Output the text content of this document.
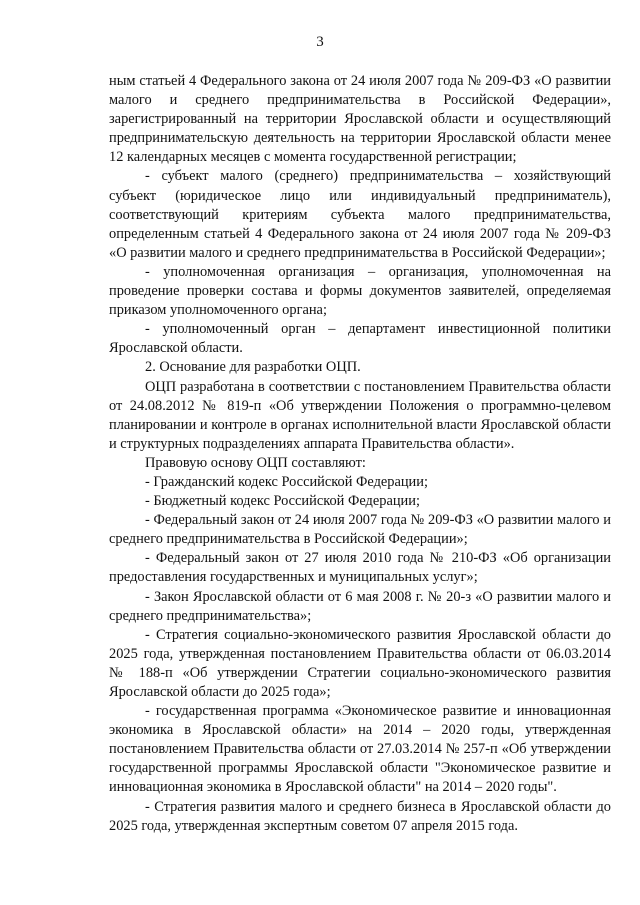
3

ным статьей 4 Федерального закона от 24 июля 2007 года № 209-ФЗ «О развитии малого и среднего предпринимательства в Российской Федерации», зарегистрированный на территории Ярославской области и осуществляющий предпринимательскую деятельность на территории Ярославской области менее 12 календарных месяцев с момента государственной регистрации;

- субъект малого (среднего) предпринимательства – хозяйствующий субъект (юридическое лицо или индивидуальный предприниматель), соответствующий критериям субъекта малого предпринимательства, определенным статьей 4 Федерального закона от 24 июля 2007 года № 209-ФЗ «О развитии малого и среднего предпринимательства в Российской Федерации»;

- уполномоченная организация – организация, уполномоченная на проведение проверки состава и формы документов заявителей, определяемая приказом уполномоченного органа;

- уполномоченный орган – департамент инвестиционной политики Ярославской области.

2. Основание для разработки ОЦП.

ОЦП разработана в соответствии с постановлением Правительства области от 24.08.2012 № 819-п «Об утверждении Положения о программно-целевом планировании и контроле в органах исполнительной власти Ярославской области и структурных подразделениях аппарата Правительства области».

Правовую основу ОЦП составляют:

- Гражданский кодекс Российской Федерации;

- Бюджетный кодекс Российской Федерации;

- Федеральный закон от 24 июля 2007 года № 209-ФЗ «О развитии малого и среднего предпринимательства в Российской Федерации»;

- Федеральный закон от 27 июля 2010 года № 210-ФЗ «Об организации предоставления государственных и муниципальных услуг»;

- Закон Ярославской области от 6 мая 2008 г. № 20-з «О развитии малого и среднего предпринимательства»;

- Стратегия социально-экономического развития Ярославской области до 2025 года, утвержденная постановлением Правительства области от 06.03.2014 № 188-п «Об утверждении Стратегии социально-экономического развития Ярославской области до 2025 года»;

- государственная программа «Экономическое развитие и инновационная экономика в Ярославской области» на 2014 – 2020 годы, утвержденная постановлением Правительства области от 27.03.2014 № 257-п «Об утверждении государственной программы Ярославской области "Экономическое развитие и инновационная экономика в Ярославской области" на 2014 – 2020 годы".

- Стратегия развития малого и среднего бизнеса в Ярославской области до 2025 года, утвержденная экспертным советом 07 апреля 2015 года.
